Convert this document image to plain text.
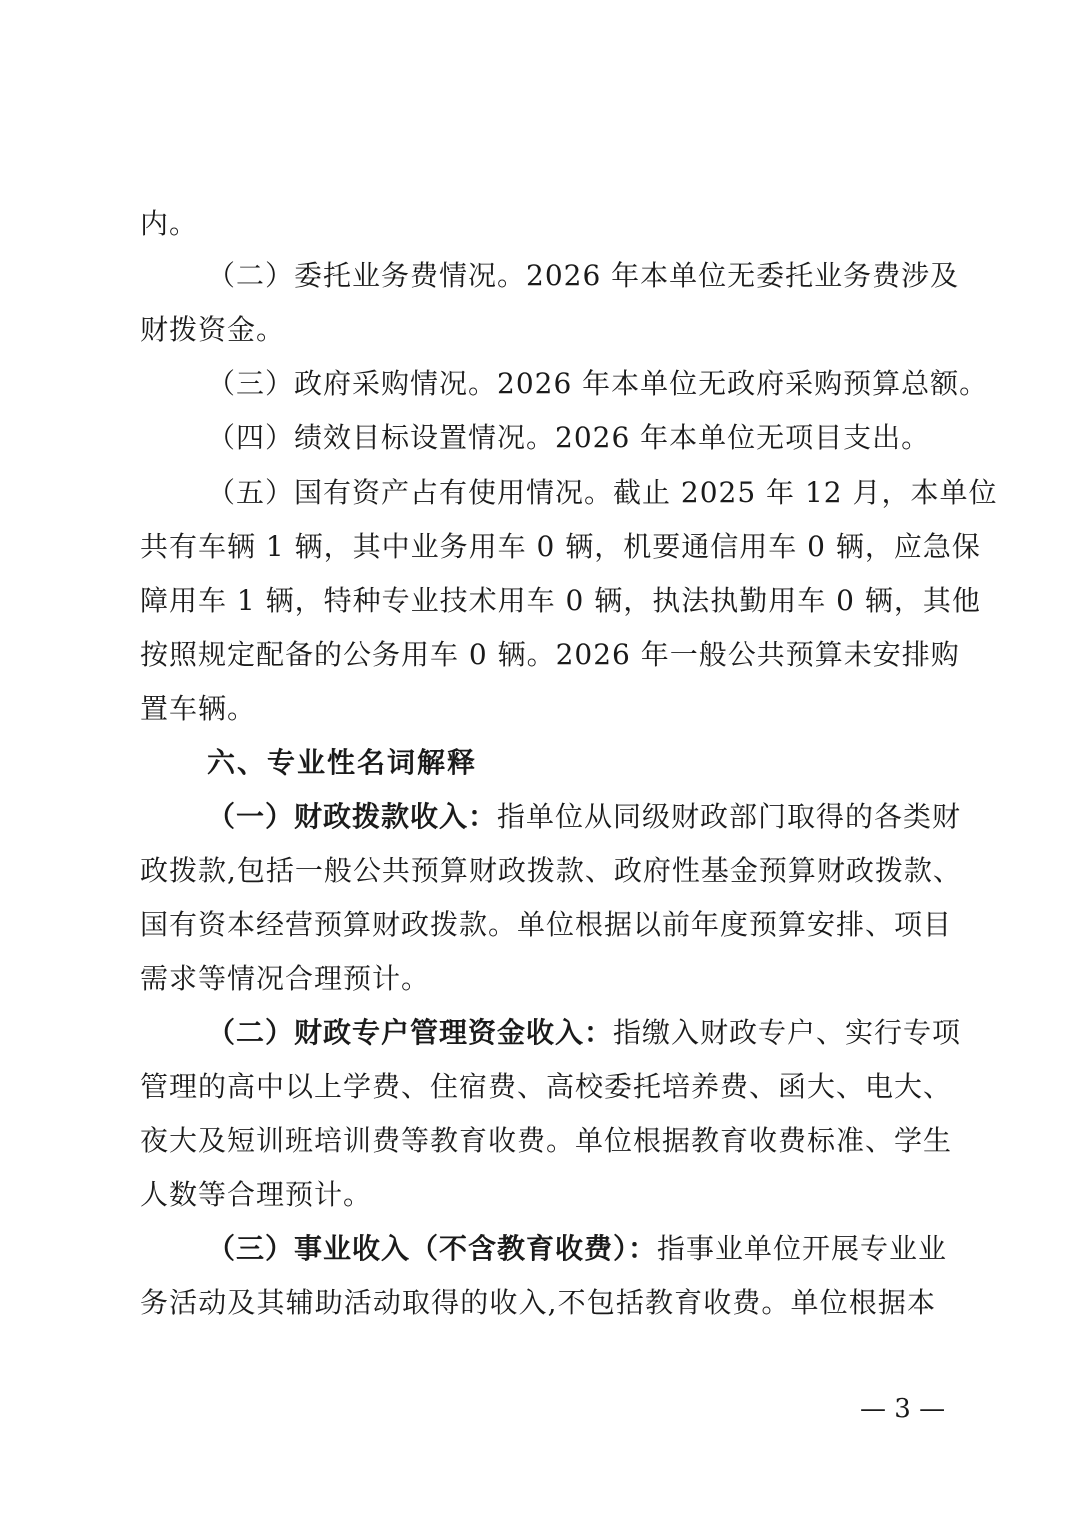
内。
（二）委托业务费情况。2026 年本单位无委托业务费涉及
财拨资金。
（三）政府采购情况。2026 年本单位无政府采购预算总额。
（四）绩效目标设置情况。2026 年本单位无项目支出。
（五）国有资产占有使用情况。截止 2025 年 12 月，本单位
共有车辆 1 辆，其中业务用车 0 辆，机要通信用车 0 辆，应急保
障用车 1 辆，特种专业技术用车 0 辆，执法执勤用车 0 辆，其他
按照规定配备的公务用车 0 辆。2026 年一般公共预算未安排购
置车辆。
六、专业性名词解释
（一）财政拨款收入：指单位从同级财政部门取得的各类财
政拨款,包括一般公共预算财政拨款、政府性基金预算财政拨款、
国有资本经营预算财政拨款。单位根据以前年度预算安排、项目
需求等情况合理预计。
（二）财政专户管理资金收入：指缴入财政专户、实行专项
管理的高中以上学费、住宿费、高校委托培养费、函大、电大、
夜大及短训班培训费等教育收费。单位根据教育收费标准、学生
人数等合理预计。
（三）事业收入（不含教育收费）：指事业单位开展专业业
务活动及其辅助活动取得的收入,不包括教育收费。单位根据本
— 3 —
